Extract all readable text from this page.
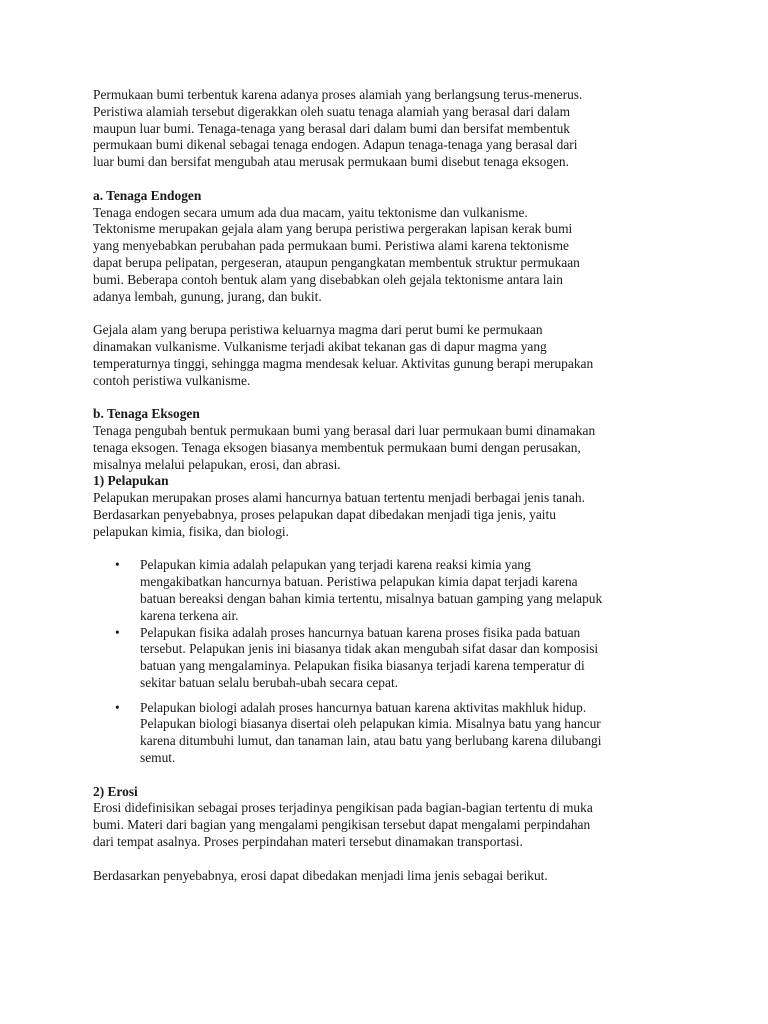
Permukaan bumi terbentuk karena adanya proses alamiah yang berlangsung terus-menerus.
Peristiwa alamiah tersebut digerakkan oleh suatu tenaga alamiah yang berasal dari dalam
maupun luar bumi. Tenaga-tenaga yang berasal dari dalam bumi dan bersifat membentuk
permukaan bumi dikenal sebagai tenaga endogen. Adapun tenaga-tenaga yang berasal dari
luar bumi dan bersifat mengubah atau merusak permukaan bumi disebut tenaga eksogen.
a. Tenaga Endogen
Tenaga endogen secara umum ada dua macam, yaitu tektonisme dan vulkanisme.
Tektonisme merupakan gejala alam yang berupa peristiwa pergerakan lapisan kerak bumi
yang menyebabkan perubahan pada permukaan bumi. Peristiwa alami karena tektonisme
dapat berupa pelipatan, pergeseran, ataupun pengangkatan membentuk struktur permukaan
bumi. Beberapa contoh bentuk alam yang disebabkan oleh gejala tektonisme antara lain
adanya lembah, gunung, jurang, dan bukit.
Gejala alam yang berupa peristiwa keluarnya magma dari perut bumi ke permukaan
dinamakan vulkanisme. Vulkanisme terjadi akibat tekanan gas di dapur magma yang
temperaturnya tinggi, sehingga magma mendesak keluar. Aktivitas gunung berapi merupakan
contoh peristiwa vulkanisme.
b. Tenaga Eksogen
Tenaga pengubah bentuk permukaan bumi yang berasal dari luar permukaan bumi dinamakan
tenaga eksogen. Tenaga eksogen biasanya membentuk permukaan bumi dengan perusakan,
misalnya melalui pelapukan, erosi, dan abrasi.
1) Pelapukan
Pelapukan merupakan proses alami hancurnya batuan tertentu menjadi berbagai jenis tanah.
Berdasarkan penyebabnya, proses pelapukan dapat dibedakan menjadi tiga jenis, yaitu
pelapukan kimia, fisika, dan biologi.
• Pelapukan kimia adalah pelapukan yang terjadi karena reaksi kimia yang
mengakibatkan hancurnya batuan. Peristiwa pelapukan kimia dapat terjadi karena
batuan bereaksi dengan bahan kimia tertentu, misalnya batuan gamping yang melapuk
karena terkena air.
• Pelapukan fisika adalah proses hancurnya batuan karena proses fisika pada batuan
tersebut. Pelapukan jenis ini biasanya tidak akan mengubah sifat dasar dan komposisi
batuan yang mengalaminya. Pelapukan fisika biasanya terjadi karena temperatur di
sekitar batuan selalu berubah-ubah secara cepat.
• Pelapukan biologi adalah proses hancurnya batuan karena aktivitas makhluk hidup.
Pelapukan biologi biasanya disertai oleh pelapukan kimia. Misalnya batu yang hancur
karena ditumbuhi lumut, dan tanaman lain, atau batu yang berlubang karena dilubangi
semut.
2) Erosi
Erosi didefinisikan sebagai proses terjadinya pengikisan pada bagian-bagian tertentu di muka
bumi. Materi dari bagian yang mengalami pengikisan tersebut dapat mengalami perpindahan
dari tempat asalnya. Proses perpindahan materi tersebut dinamakan transportasi.
Berdasarkan penyebabnya, erosi dapat dibedakan menjadi lima jenis sebagai berikut.
